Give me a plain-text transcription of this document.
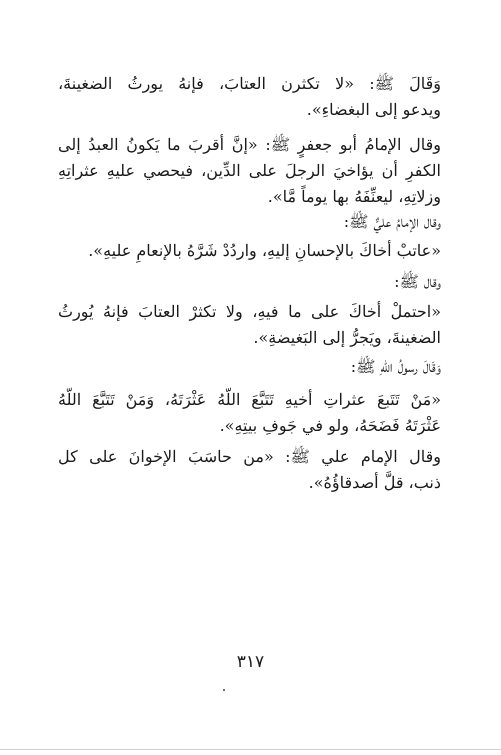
وَقَالَ ﷺ: «لا تكثرن العتابَ، فإنهُ يورثُ الضغينةَ،
ويدعو إلى البغضاءِ».
وقال الإمامُ أبو جعفرٍ ﷺ: «إنَّ أقربَ ما يَكونُ العبدُ إلى
الكفرِ أن يؤاخيَ الرجلَ على الدِّين، فيحصي عليهِ عثراتِهِ
وزلاتِهِ، ليعنِّفَهُ بها يوماً مَّا».
وقال الإمامُ عليٌّ ﷺ:
«عاتبْ أخاكَ بالإحسانِ إليهِ، واردُدْ شَرَّهُ بالإنعامِ عليهِ».
وقال ﷺ:
«احتملْ أخاكَ على ما فيهِ، ولا تكثرْ العتابَ فإنهُ يُورثُ
الضغينةَ، ويَجرُّ إلى البَغيضةِ».
وَقَالَ رسولُ اللّهِ ﷺ:
«مَنْ تَتَبعَ عثراتِ أخيهِ تَتَبَّعَ اللّهُ عَثْرَتَهُ، وَمَنْ تَتَبَّعَ اللّهُ
عَثْرَتَهُ فَضَحَهُ، ولو في جَوفِ بيتِهِ».
وقال الإمام علي ﷺ: «من حاسَبَ الإخوانَ على كل
ذنب، قلَّ أصدقاؤُهُ».
٣١٧
